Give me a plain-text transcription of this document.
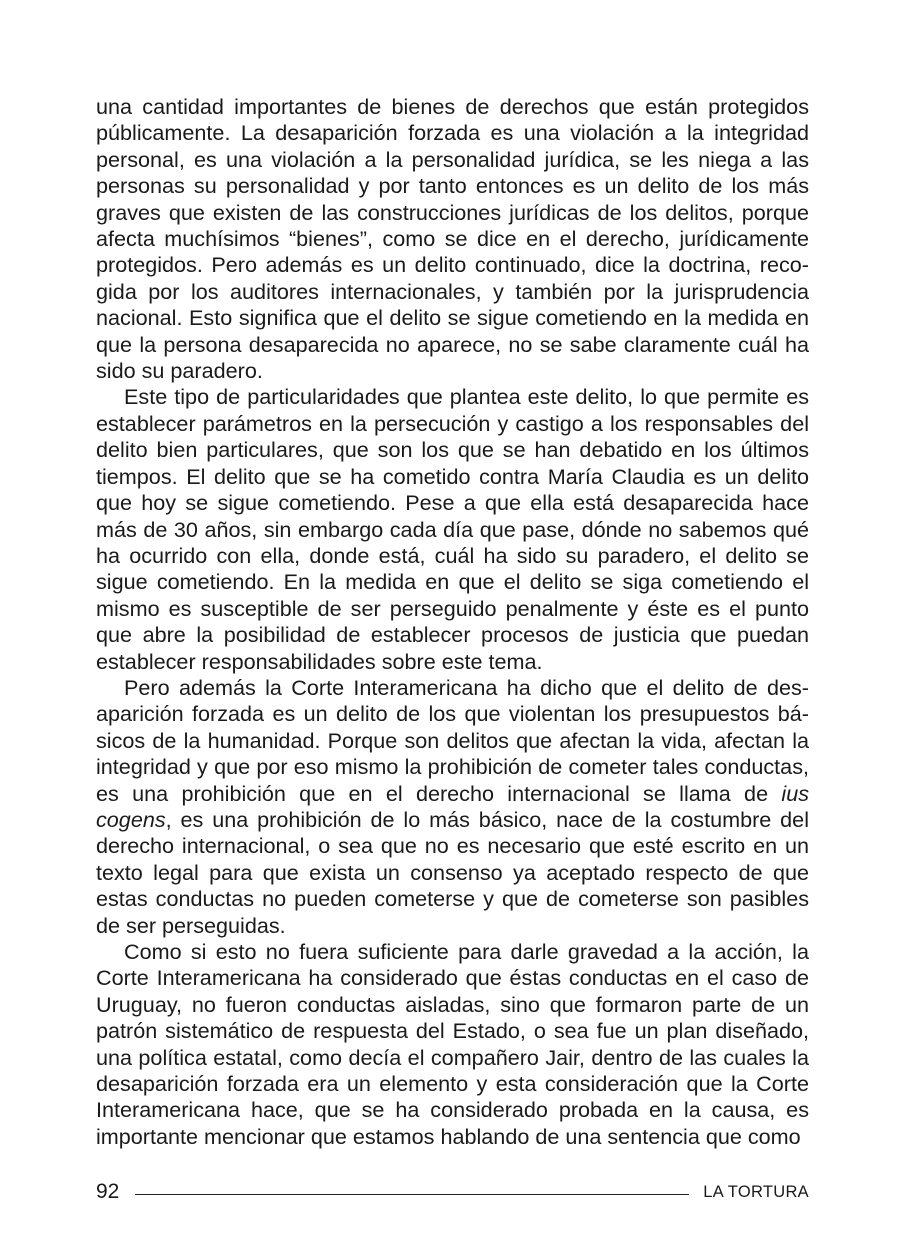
una cantidad importantes de bienes de derechos que están protegidos públicamente. La desaparición forzada es una violación a la integridad personal, es una violación a la personalidad jurídica, se les niega a las personas su personalidad y por tanto entonces es un delito de los más graves que existen de las construcciones jurídicas de los delitos, porque afecta muchísimos “bienes”, como se dice en el derecho, jurídicamente protegidos. Pero además es un delito continuado, dice la doctrina, recogida por los auditores internacionales, y también por la jurisprudencia nacional. Esto significa que el delito se sigue cometiendo en la medida en que la persona desaparecida no aparece, no se sabe claramente cuál ha sido su paradero.

Este tipo de particularidades que plantea este delito, lo que permite es establecer parámetros en la persecución y castigo a los responsables del delito bien particulares, que son los que se han debatido en los últimos tiempos. El delito que se ha cometido contra María Claudia es un delito que hoy se sigue cometiendo. Pese a que ella está desaparecida hace más de 30 años, sin embargo cada día que pase, dónde no sabemos qué ha ocurrido con ella, donde está, cuál ha sido su paradero, el delito se sigue cometiendo. En la medida en que el delito se siga cometiendo el mismo es susceptible de ser perseguido penalmente y éste es el punto que abre la posibilidad de establecer procesos de justicia que puedan establecer responsabilidades sobre este tema.

Pero además la Corte Interamericana ha dicho que el delito de desaparición forzada es un delito de los que violentan los presupuestos básicos de la humanidad. Porque son delitos que afectan la vida, afectan la integridad y que por eso mismo la prohibición de cometer tales conductas, es una prohibición que en el derecho internacional se llama de ius cogens, es una prohibición de lo más básico, nace de la costumbre del derecho internacional, o sea que no es necesario que esté escrito en un texto legal para que exista un consenso ya aceptado respecto de que estas conductas no pueden cometerse y que de cometerse son pasibles de ser perseguidas.

Como si esto no fuera suficiente para darle gravedad a la acción, la Corte Interamericana ha considerado que éstas conductas en el caso de Uruguay, no fueron conductas aisladas, sino que formaron parte de un patrón sistemático de respuesta del Estado, o sea fue un plan diseñado, una política estatal, como decía el compañero Jair, dentro de las cuales la desaparición forzada era un elemento y esta consideración que la Corte Interamericana hace, que se ha considerado probada en la causa, es importante mencionar que estamos hablando de una sentencia que como

92	LA TORTURA
